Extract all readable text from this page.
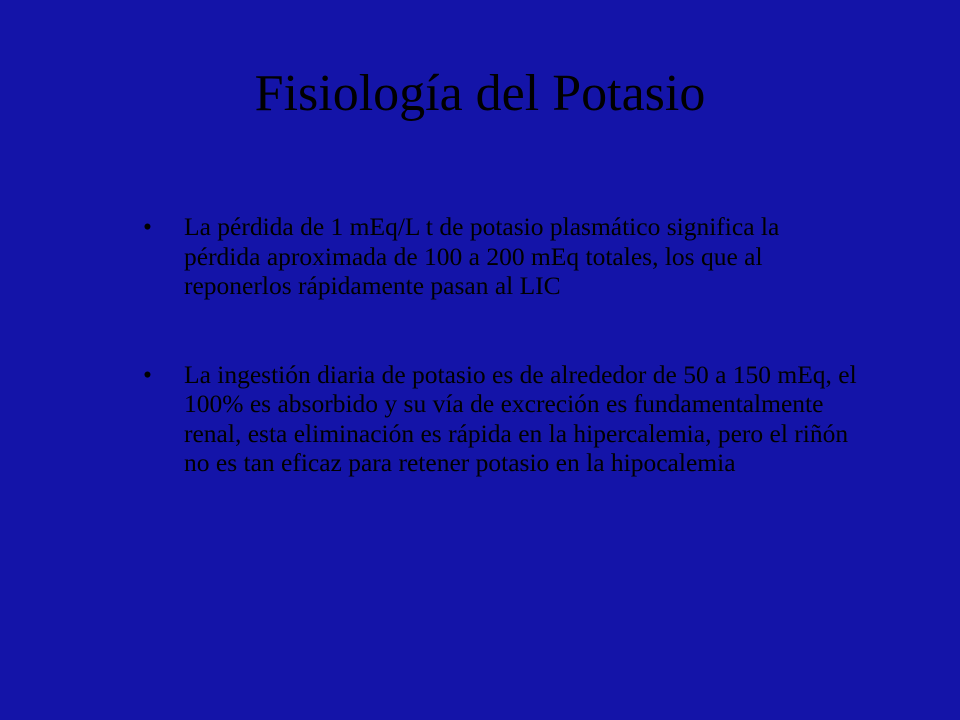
Fisiología del Potasio
• La pérdida de 1 mEq/L t de potasio plasmático significa la pérdida aproximada de 100 a 200 mEq totales, los que al reponerlos rápidamente pasan al LIC
• La ingestión diaria de potasio es de alrededor de 50 a 150 mEq, el 100% es absorbido y su vía de excreción es fundamentalmente renal, esta eliminación es rápida en la hipercalemia, pero el riñón no es tan eficaz para retener potasio en la hipocalemia
